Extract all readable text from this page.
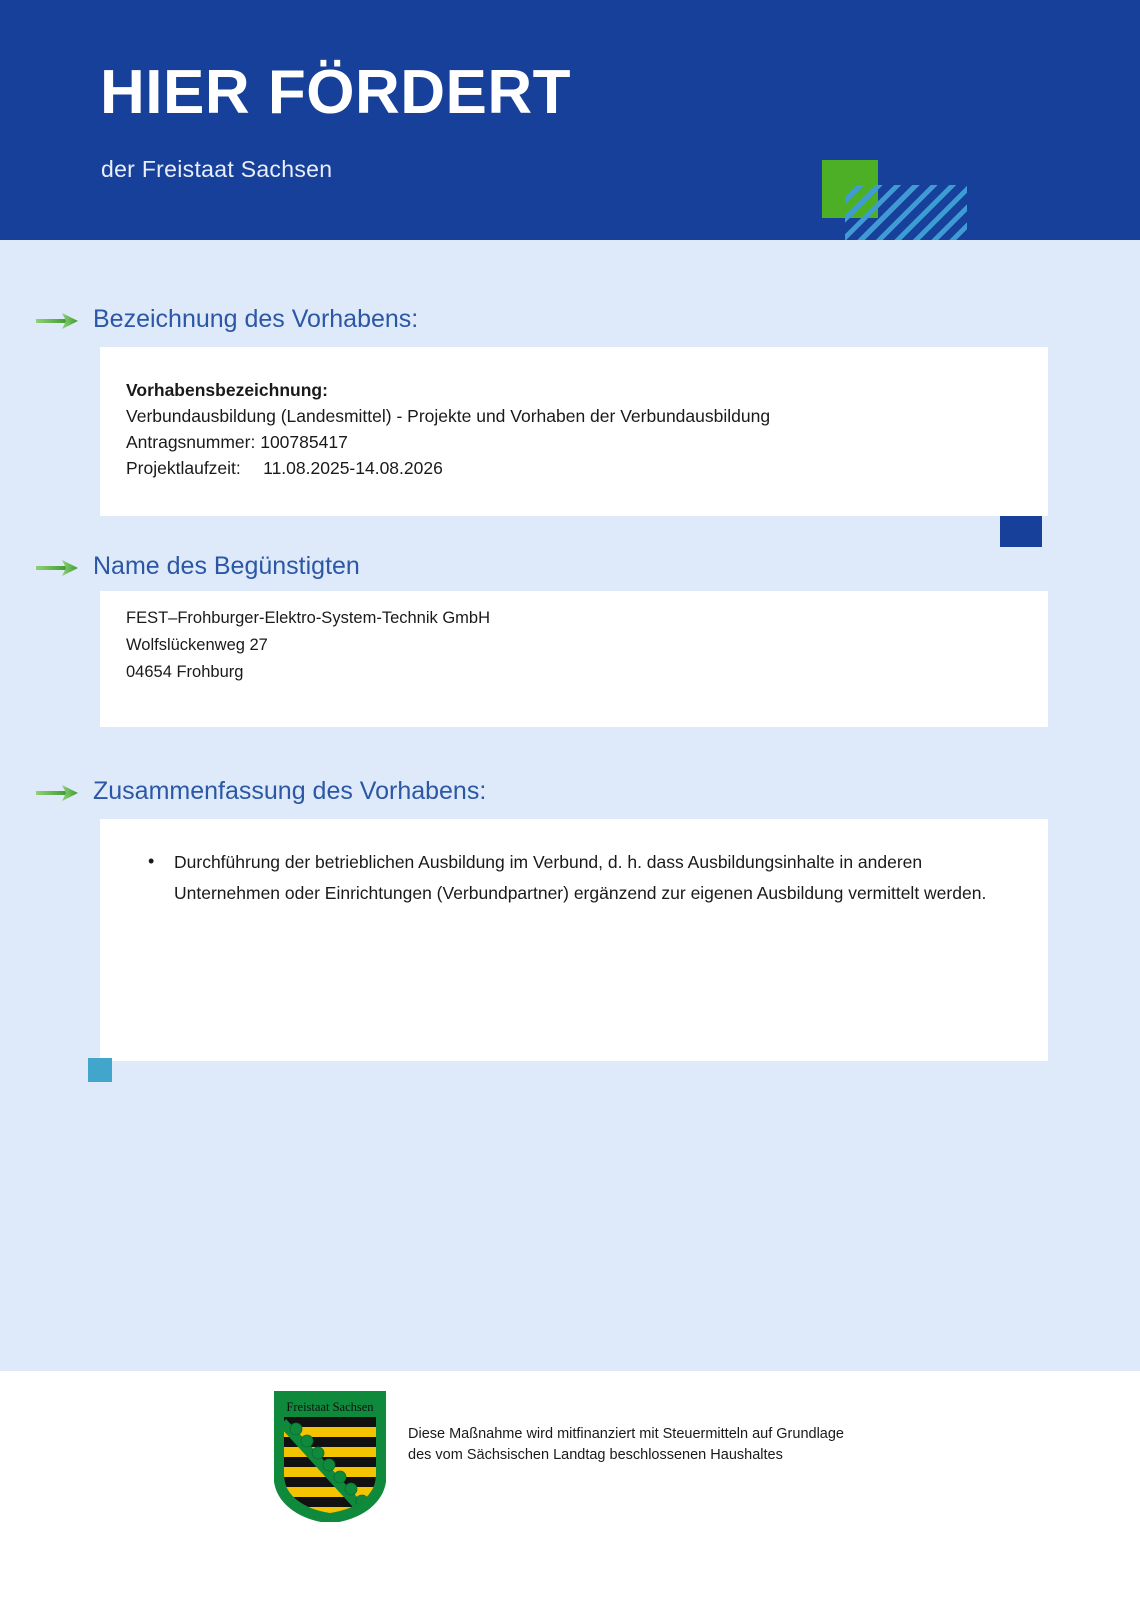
HIER FÖRDERT

der Freistaat Sachsen

Bezeichnung des Vorhabens:
Vorhabensbezeichnung:
Verbundausbildung (Landesmittel) - Projekte und Vorhaben der Verbundausbildung
Antragsnummer: 100785417
Projektlaufzeit:  11.08.2025-14.08.2026
Name des Begünstigten
FEST–Frohburger-Elektro-System-Technik GmbH
Wolfslückenweg 27
04654 Frohburg
Zusammenfassung des Vorhabens:
• Durchführung der betrieblichen Ausbildung im Verbund, d. h. dass Ausbildungsinhalte in anderen Unternehmen oder Einrichtungen (Verbundpartner) ergänzend zur eigenen Ausbildung vermittelt werden.
Freistaat Sachsen
Diese Maßnahme wird mitfinanziert mit Steuermitteln auf Grundlage
des vom Sächsischen Landtag beschlossenen Haushaltes
